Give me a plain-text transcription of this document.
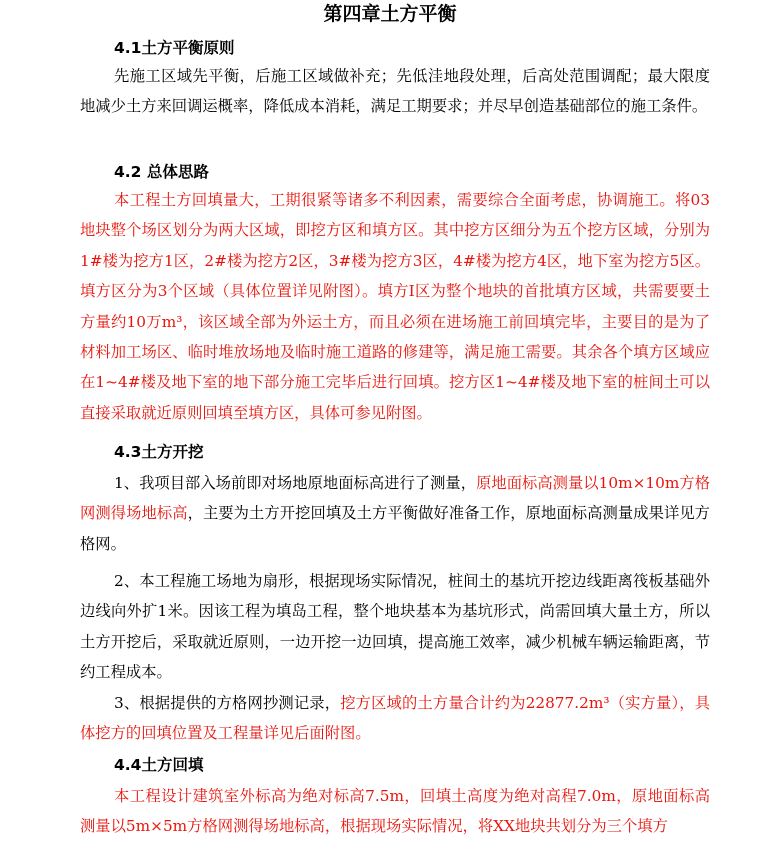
第四章土方平衡
4.1土方平衡原则

先施工区域先平衡，后施工区域做补充；先低洼地段处理，后高处范围调配；最大限度地减少土方来回调运概率，降低成本消耗，满足工期要求；并尽早创造基础部位的施工条件。

4.2 总体思路

本工程土方回填量大，工期很紧等诸多不利因素，需要综合全面考虑，协调施工。将03地块整个场区划分为两大区域，即挖方区和填方区。其中挖方区细分为五个挖方区域，分别为1#楼为挖方1区，2#楼为挖方2区，3#楼为挖方3区，4#楼为挖方4区，地下室为挖方5区。填方区分为3个区域（具体位置详见附图）。填方Ⅰ区为整个地块的首批填方区域，共需要要土方量约10万m³，该区域全部为外运土方，而且必须在进场施工前回填完毕，主要目的是为了材料加工场区、临时堆放场地及临时施工道路的修建等，满足施工需要。其余各个填方区域应在1~4#楼及地下室的地下部分施工完毕后进行回填。挖方区1~4#楼及地下室的桩间土可以直接采取就近原则回填至填方区，具体可参见附图。

4.3土方开挖

1、我项目部入场前即对场地原地面标高进行了测量，原地面标高测量以10m×10m方格网测得场地标高，主要为土方开挖回填及土方平衡做好准备工作，原地面标高测量成果详见方格网。

2、本工程施工场地为扇形，根据现场实际情况，桩间土的基坑开挖边线距离筏板基础外边线向外扩1米。因该工程为填岛工程，整个地块基本为基坑形式，尚需回填大量土方，所以土方开挖后，采取就近原则，一边开挖一边回填，提高施工效率，减少机械车辆运输距离，节约工程成本。

3、根据提供的方格网抄测记录，挖方区域的土方量合计约为22877.2m³（实方量），具体挖方的回填位置及工程量详见后面附图。

4.4土方回填

本工程设计建筑室外标高为绝对标高7.5m，回填土高度为绝对高程7.0m，原地面标高测量以5m×5m方格网测得场地标高，根据现场实际情况，将XX地块共划分为三个填方
